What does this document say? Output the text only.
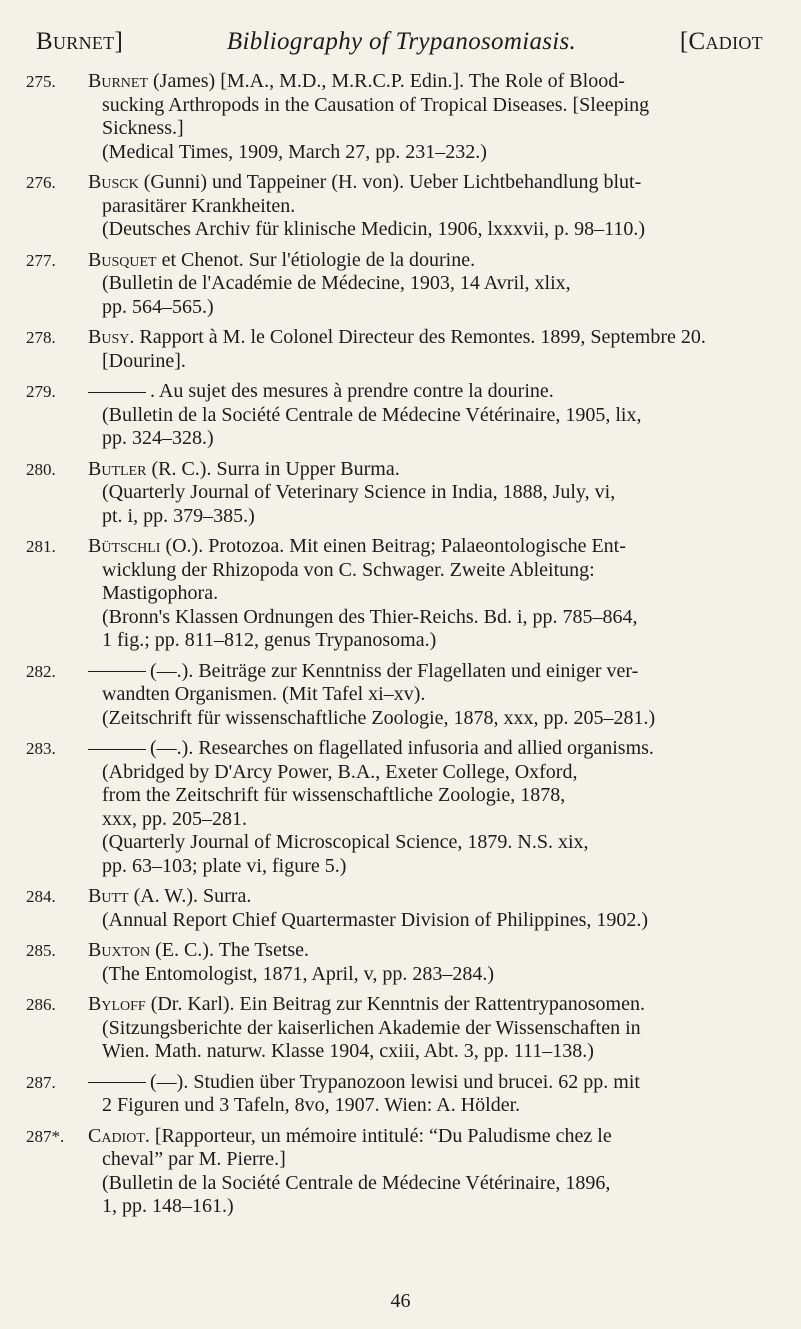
Burnet]	Bibliography of Trypanosomiasis.	[Cadiot
275. Burnet (James) [M.A., M.D., M.R.C.P. Edin.]. The Role of Blood-
sucking Arthropods in the Causation of Tropical Diseases. [Sleeping
Sickness.]
(Medical Times, 1909, March 27, pp. 231–232.)
276. Busck (Gunni) und Tappeiner (H. von). Ueber Lichtbehandlung blut-
parasitärer Krankheiten.
(Deutsches Archiv für klinische Medicin, 1906, lxxxvii, p. 98–110.)
277. Busquet et Chenot. Sur l'étiologie de la dourine.
(Bulletin de l'Académie de Médecine, 1903, 14 Avril, xlix,
pp. 564–565.)
278. Busy. Rapport à M. le Colonel Directeur des Remontes. 1899, Septembre 20.
[Dourine].
279.	. Au sujet des mesures à prendre contre la dourine.
(Bulletin de la Société Centrale de Médecine Vétérinaire, 1905, lix,
pp. 324–328.)
280. Butler (R. C.). Surra in Upper Burma.
(Quarterly Journal of Veterinary Science in India, 1888, July, vi,
pt. i, pp. 379–385.)
281. Bütschli (O.). Protozoa. Mit einen Beitrag; Palaeontologische Ent-
wicklung der Rhizopoda von C. Schwager. Zweite Ableitung:
Mastigophora.
(Bronn's Klassen Ordnungen des Thier-Reichs. Bd. i, pp. 785–864,
1 fig.; pp. 811–812, genus Trypanosoma.)
282.	(—.). Beiträge zur Kenntniss der Flagellaten und einiger ver-
wandten Organismen. (Mit Tafel xi–xv).
(Zeitschrift für wissenschaftliche Zoologie, 1878, xxx, pp. 205–281.)
283.	(—.). Researches on flagellated infusoria and allied organisms.
(Abridged by D'Arcy Power, B.A., Exeter College, Oxford,
from the Zeitschrift für wissenschaftliche Zoologie, 1878,
xxx, pp. 205–281.
(Quarterly Journal of Microscopical Science, 1879. N.S. xix,
pp. 63–103; plate vi, figure 5.)
284. Butt (A. W.). Surra.
(Annual Report Chief Quartermaster Division of Philippines, 1902.)
285. Buxton (E. C.). The Tsetse.
(The Entomologist, 1871, April, v, pp. 283–284.)
286. Byloff (Dr. Karl). Ein Beitrag zur Kenntnis der Rattentrypanosomen.
(Sitzungsberichte der kaiserlichen Akademie der Wissenschaften in
Wien. Math. naturw. Klasse 1904, cxiii, Abt. 3, pp. 111–138.)
287.	(—). Studien über Trypanozoon lewisi und brucei. 62 pp. mit
2 Figuren und 3 Tafeln, 8vo, 1907. Wien: A. Hölder.
287*. Cadiot. [Rapporteur, un mémoire intitulé: “Du Paludisme chez le
cheval” par M. Pierre.]
(Bulletin de la Société Centrale de Médecine Vétérinaire, 1896,
1, pp. 148–161.)
46
